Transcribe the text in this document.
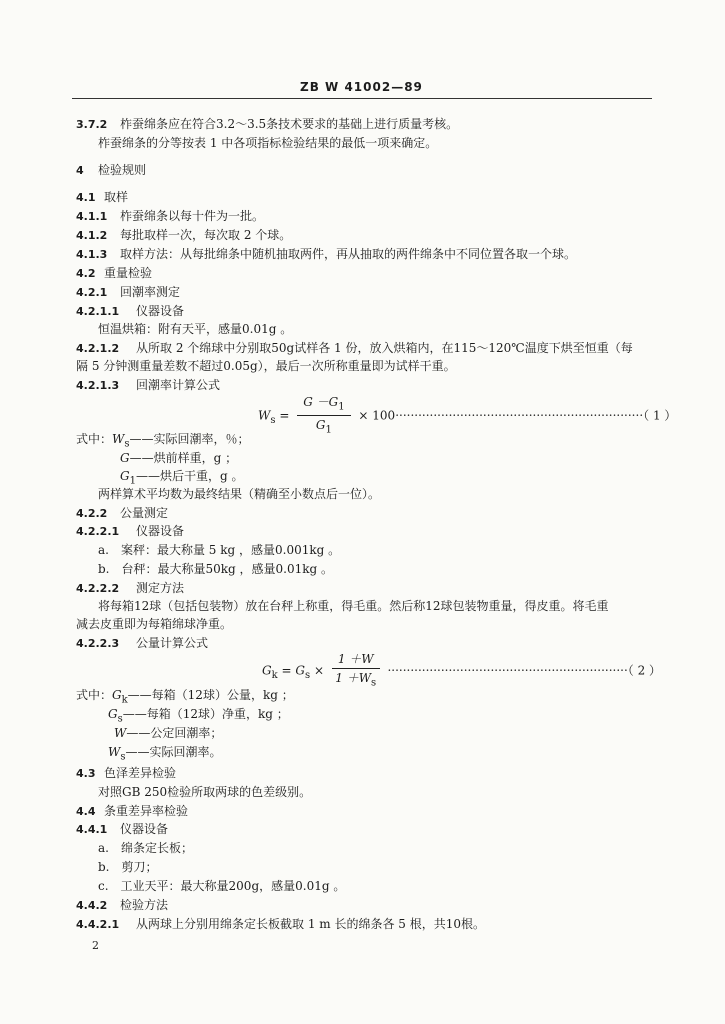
ZB W 41002—89
3.7.2 柞蚕绵条应在符合3.2～3.5条技术要求的基础上进行质量考核。
柞蚕绵条的分等按表 1 中各项指标检验结果的最低一项来确定。
4 检验规则
4.1 取样
4.1.1 柞蚕绵条以每十件为一批。
4.1.2 每批取样一次，每次取 2 个球。
4.1.3 取样方法：从每批绵条中随机抽取两件，再从抽取的两件绵条中不同位置各取一个球。
4.2 重量检验
4.2.1 回潮率测定
4.2.1.1 仪器设备
恒温烘箱：附有天平，感量0.01g 。
4.2.1.2 从所取 2 个绵球中分别取50g试样各 1 份，放入烘箱内，在115～120℃温度下烘至恒重（每
隔 5 分钟测重量差数不超过0.05g），最后一次所称重量即为试样干重。
4.2.1.3 回潮率计算公式
$W_s = \frac{G -G_1}{G_1} \times 100\cdot\cdot\cdot\cdot\cdot\cdot\cdot\cdot\cdot\cdot\cdot\cdot\cdot\cdot\cdot\cdot\cdot\cdot\cdot\cdot\cdot\cdot\cdot\cdot\cdot\cdot\cdot\cdot\cdot\cdot\cdot\cdot\cdot\cdot\cdot\cdot\cdot\cdot\cdot\cdot\cdot\cdot\cdot\cdot\cdot\cdot\cdot\cdot\cdot\cdot\cdot\cdot\cdot\cdot\cdot\cdot\cdot\cdot\cdot\cdot\cdot\cdot\cdot\cdot\cdot$（ 1 ）
式中：$W_s——$实际回潮率，％；
G——烘前样重，g ；
$G_1——$烘后干重，g 。
两样算术平均数为最终结果（精确至小数点后一位）。
4.2.2 公量测定
4.2.2.1 仪器设备
a.　案秤：最大称量 5 kg ，感量0.001kg 。
b.　台秤：最大称量50kg ，感量0.01kg 。
4.2.2.2 测定方法
将每箱12球（包括包装物）放在台秤上称重，得毛重。然后称12球包装物重量，得皮重。将毛重
减去皮重即为每箱绵球净重。
4.2.2.3 公量计算公式
$G_k = G_s \times \frac{1 +W}{1 +W_s}$ ·······························································（ 2 ）
式中：$G_k——$每箱（12球）公量，kg ；
$G_s——$每箱（12球）净重，kg ；
W——公定回潮率；
$W_s——$实际回潮率。
4.3 色泽差异检验
对照GB 250检验所取两球的色差级别。
4.4 条重差异率检验
4.4.1 仪器设备
a.　绵条定长板；
b.　剪刀；
c.　工业天平：最大称量200g，感量0.01g 。
4.4.2 检验方法
4.4.2.1 从两球上分别用绵条定长板截取 1 m 长的绵条各 5 根，共10根。
2
